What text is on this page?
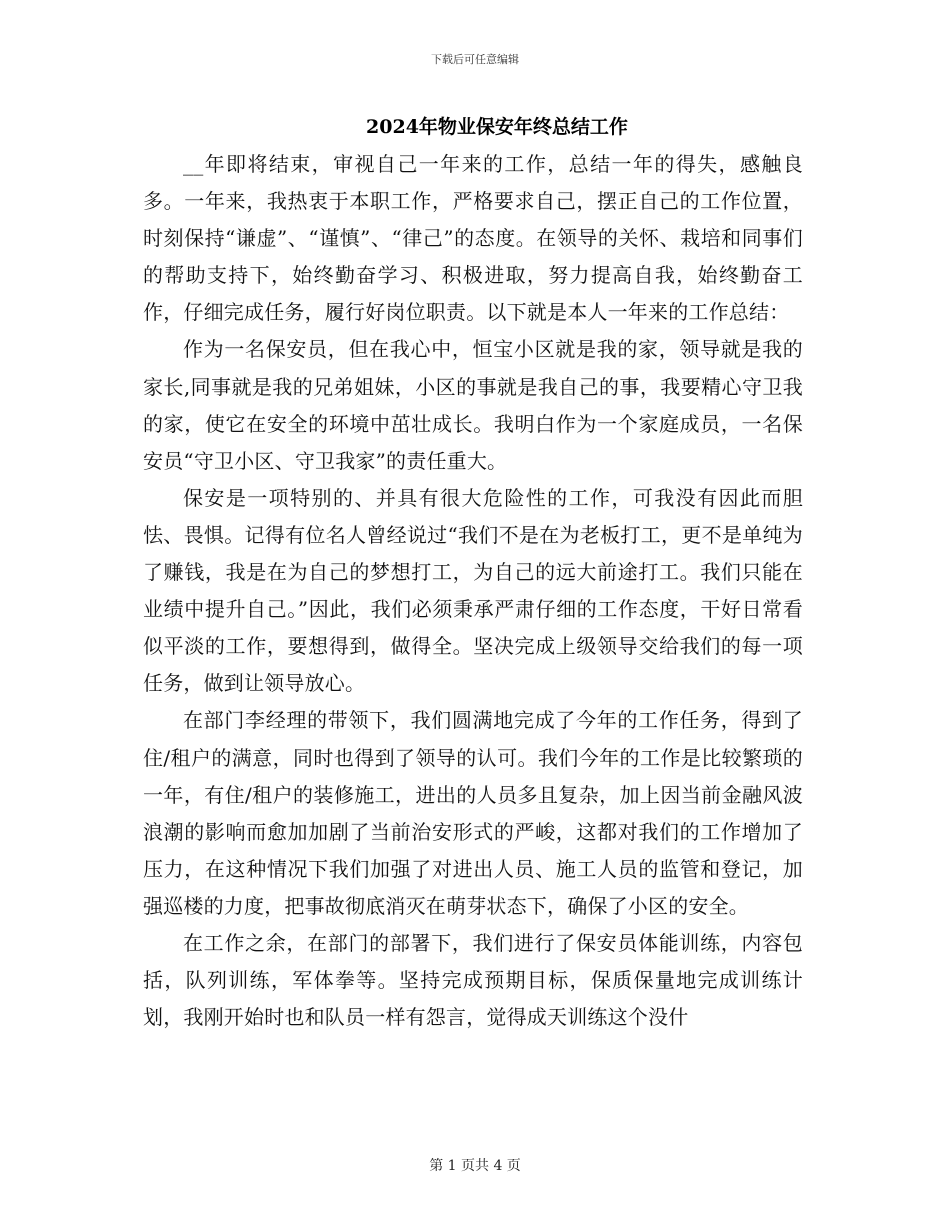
下载后可任意编辑
2024年物业保安年终总结工作

__年即将结束，审视自己一年来的工作，总结一年的得失，感触良多。一年来，我热衷于本职工作，严格要求自己，摆正自己的工作位置，时刻保持“谦虚”、“谨慎”、“律己”的态度。在领导的关怀、栽培和同事们的帮助支持下，始终勤奋学习、积极进取，努力提高自我，始终勤奋工作，仔细完成任务，履行好岗位职责。以下就是本人一年来的工作总结：

作为一名保安员，但在我心中，恒宝小区就是我的家，领导就是我的家长,同事就是我的兄弟姐妹，小区的事就是我自己的事，我要精心守卫我的家，使它在安全的环境中茁壮成长。我明白作为一个家庭成员，一名保安员“守卫小区、守卫我家”的责任重大。

保安是一项特别的、并具有很大危险性的工作，可我没有因此而胆怯、畏惧。记得有位名人曾经说过“我们不是在为老板打工，更不是单纯为了赚钱，我是在为自己的梦想打工，为自己的远大前途打工。我们只能在业绩中提升自己。”因此，我们必须秉承严肃仔细的工作态度，干好日常看似平淡的工作，要想得到，做得全。坚决完成上级领导交给我们的每一项任务，做到让领导放心。

在部门李经理的带领下，我们圆满地完成了今年的工作任务，得到了住/租户的满意，同时也得到了领导的认可。我们今年的工作是比较繁琐的一年，有住/租户的装修施工，进出的人员多且复杂，加上因当前金融风波浪潮的影响而愈加加剧了当前治安形式的严峻，这都对我们的工作增加了压力，在这种情况下我们加强了对进出人员、施工人员的监管和登记，加强巡楼的力度，把事故彻底消灭在萌芽状态下，确保了小区的安全。

在工作之余，在部门的部署下，我们进行了保安员体能训练，内容包括，队列训练，军体拳等。坚持完成预期目标，保质保量地完成训练计划，我刚开始时也和队员一样有怨言，觉得成天训练这个没什

第 1 页共 4 页
